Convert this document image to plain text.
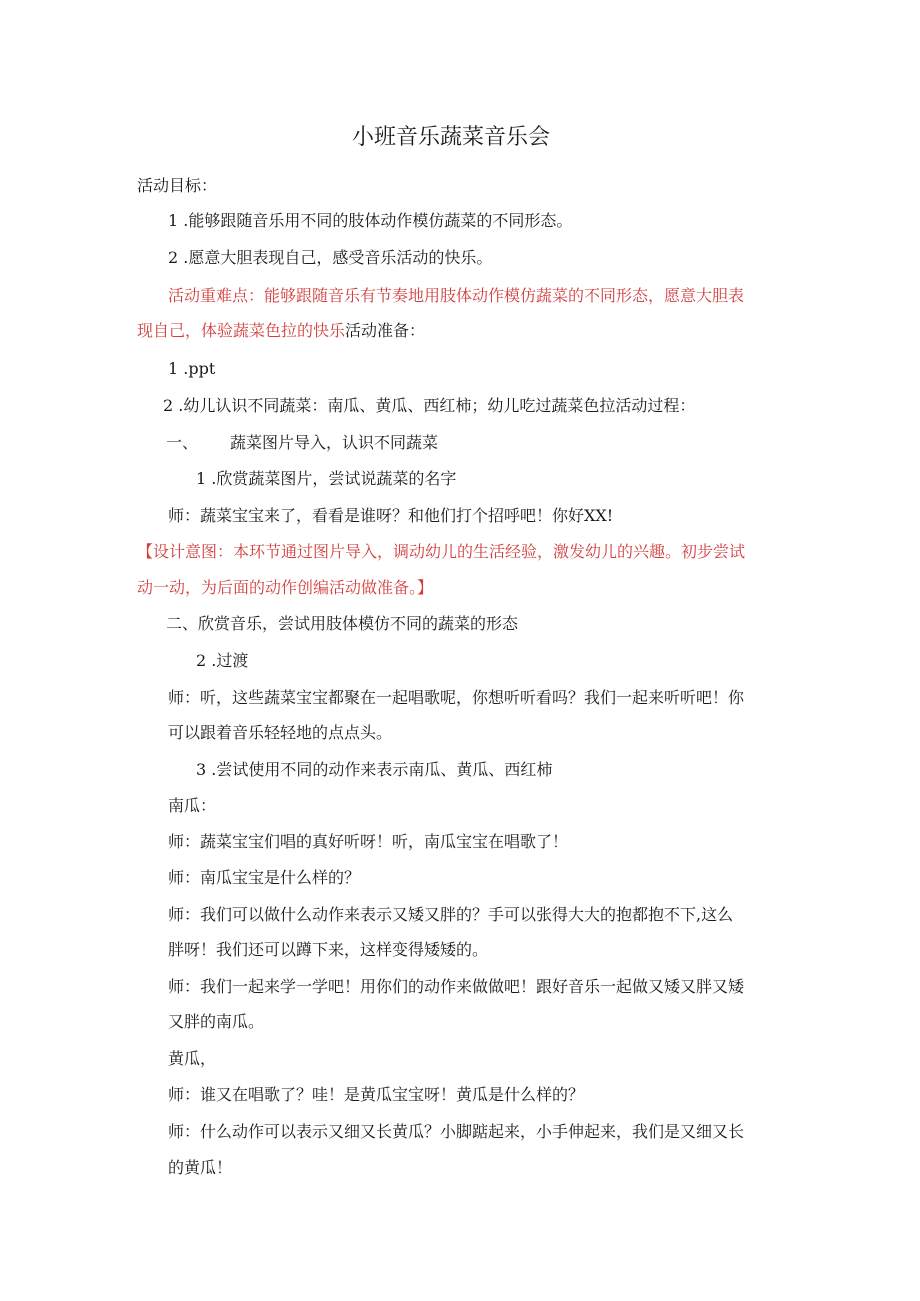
小班音乐蔬菜音乐会
活动目标：
1 .能够跟随音乐用不同的肢体动作模仿蔬菜的不同形态。
2 .愿意大胆表现自己，感受音乐活动的快乐。
活动重难点：能够跟随音乐有节奏地用肢体动作模仿蔬菜的不同形态，愿意大胆表
现自己，体验蔬菜色拉的快乐活动准备：
1 .ppt
2 .幼儿认识不同蔬菜：南瓜、黄瓜、西红柿；幼儿吃过蔬菜色拉活动过程：
一、 蔬菜图片导入，认识不同蔬菜
1 .欣赏蔬菜图片，尝试说蔬菜的名字
师：蔬菜宝宝来了，看看是谁呀？和他们打个招呼吧！你好XX!
【设计意图：本环节通过图片导入，调动幼儿的生活经验，激发幼儿的兴趣。初步尝试
动一动，为后面的动作创编活动做准备。】
二、欣赏音乐，尝试用肢体模仿不同的蔬菜的形态
2 .过渡
师：听，这些蔬菜宝宝都聚在一起唱歌呢，你想听听看吗？我们一起来听听吧！你
可以跟着音乐轻轻地的点点头。
3 .尝试使用不同的动作来表示南瓜、黄瓜、西红柿
南瓜：
师：蔬菜宝宝们唱的真好听呀！听，南瓜宝宝在唱歌了！
师：南瓜宝宝是什么样的？
师：我们可以做什么动作来表示又矮又胖的？手可以张得大大的抱都抱不下,这么
胖呀！我们还可以蹲下来，这样变得矮矮的。
师：我们一起来学一学吧！用你们的动作来做做吧！跟好音乐一起做又矮又胖又矮
又胖的南瓜。
黄瓜，
师：谁又在唱歌了？哇！是黄瓜宝宝呀！黄瓜是什么样的？
师：什么动作可以表示又细又长黄瓜？小脚踮起来，小手伸起来，我们是又细又长
的黄瓜！
